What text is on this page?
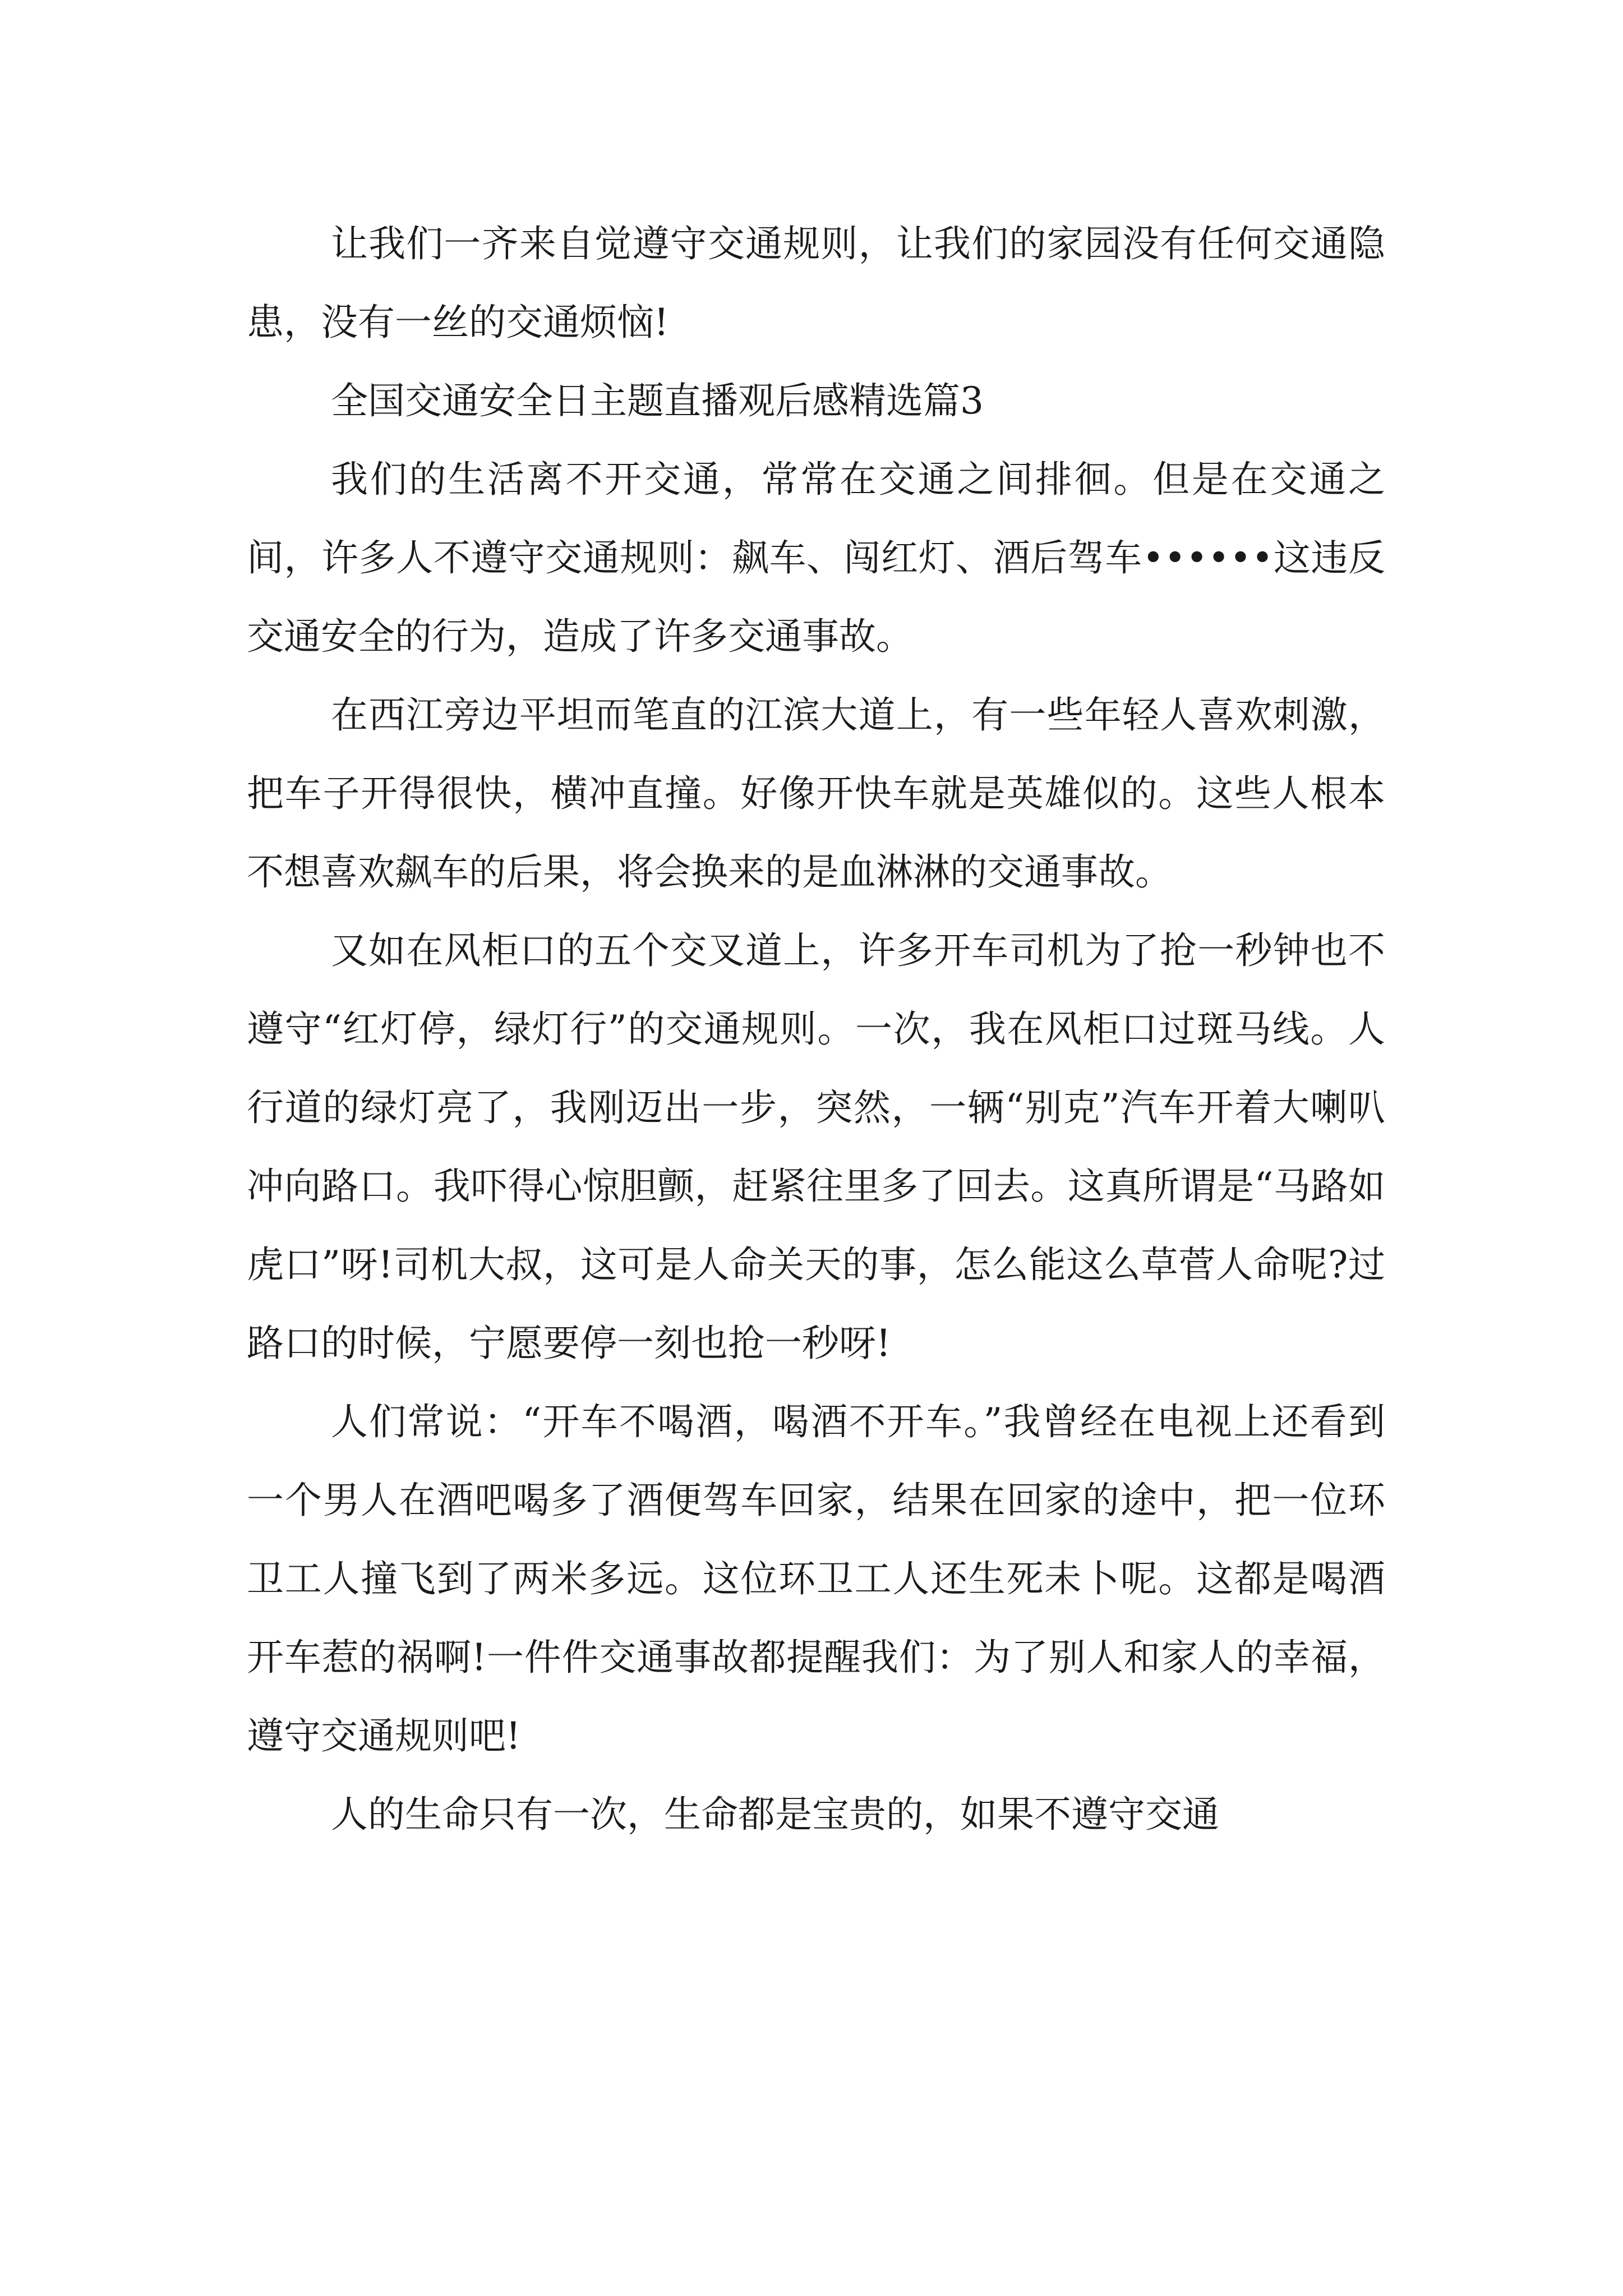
让我们一齐来自觉遵守交通规则，让我们的家园没有任何交通隐患，没有一丝的交通烦恼!

全国交通安全日主题直播观后感精选篇3

我们的生活离不开交通，常常在交通之间排徊。但是在交通之间，许多人不遵守交通规则：飙车、闯红灯、酒后驾车••••••这违反交通安全的行为，造成了许多交通事故。

在西江旁边平坦而笔直的江滨大道上，有一些年轻人喜欢刺激，把车子开得很快，横冲直撞。好像开快车就是英雄似的。这些人根本不想喜欢飙车的后果，将会换来的是血淋淋的交通事故。

又如在风柜口的五个交叉道上，许多开车司机为了抢一秒钟也不遵守“红灯停，绿灯行”的交通规则。一次，我在风柜口过斑马线。人行道的绿灯亮了，我刚迈出一步，突然，一辆“别克”汽车开着大喇叭冲向路口。我吓得心惊胆颤，赶紧往里多了回去。这真所谓是“马路如虎口”呀!司机大叔，这可是人命关天的事，怎么能这么草菅人命呢?过路口的时候，宁愿要停一刻也抢一秒呀!

人们常说：“开车不喝酒，喝酒不开车。”我曾经在电视上还看到一个男人在酒吧喝多了酒便驾车回家，结果在回家的途中，把一位环卫工人撞飞到了两米多远。这位环卫工人还生死未卜呢。这都是喝酒开车惹的祸啊!一件件交通事故都提醒我们：为了别人和家人的幸福，遵守交通规则吧!

人的生命只有一次，生命都是宝贵的，如果不遵守交通
